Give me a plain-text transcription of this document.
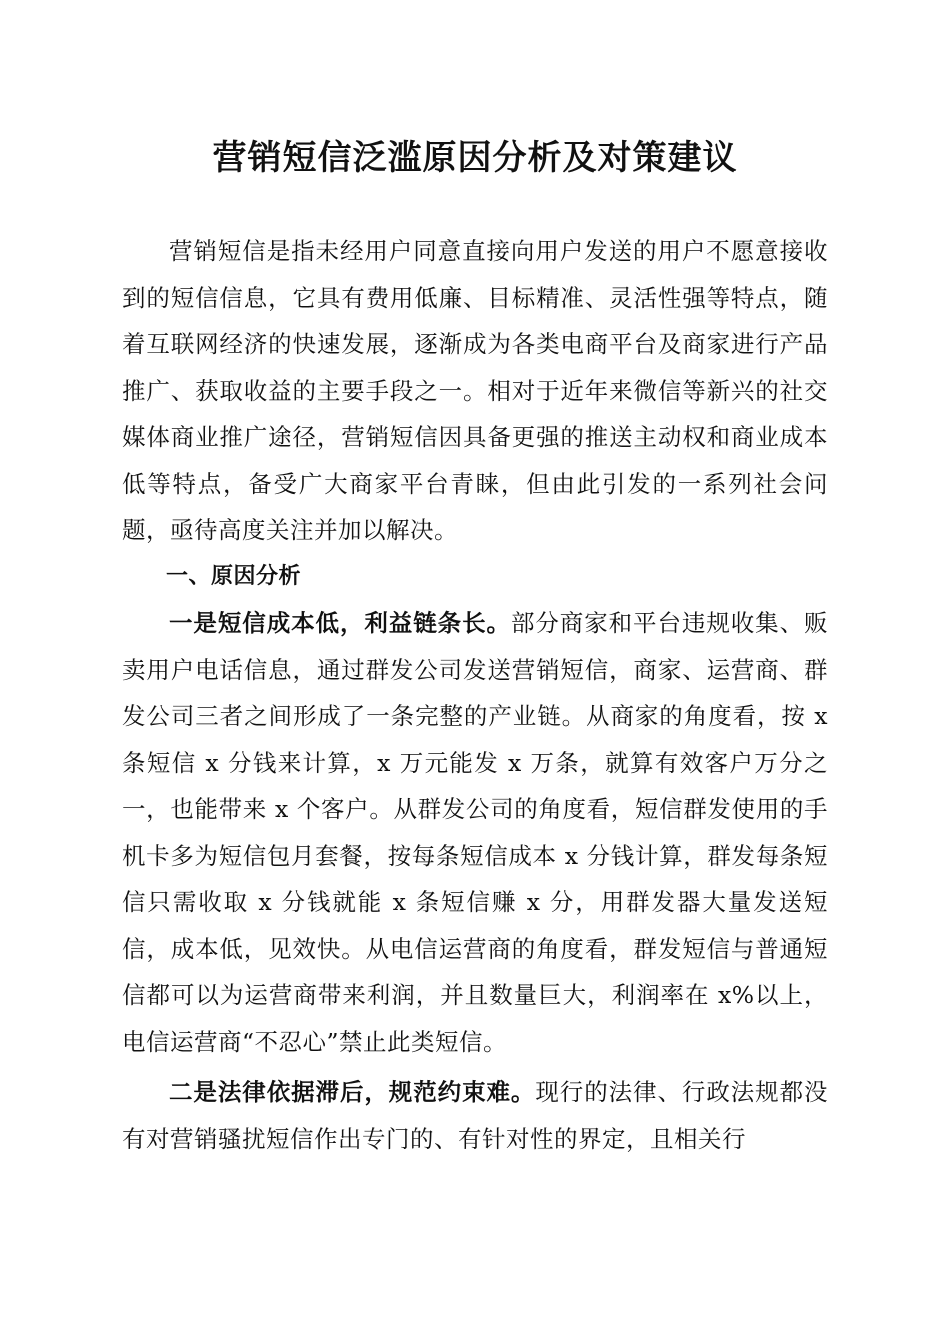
营销短信泛滥原因分析及对策建议

营销短信是指未经用户同意直接向用户发送的用户不愿意接收到的短信信息，它具有费用低廉、目标精准、灵活性强等特点，随着互联网经济的快速发展，逐渐成为各类电商平台及商家进行产品推广、获取收益的主要手段之一。相对于近年来微信等新兴的社交媒体商业推广途径，营销短信因具备更强的推送主动权和商业成本低等特点，备受广大商家平台青睐，但由此引发的一系列社会问题，亟待高度关注并加以解决。

一、原因分析

一是短信成本低，利益链条长。部分商家和平台违规收集、贩卖用户电话信息，通过群发公司发送营销短信，商家、运营商、群发公司三者之间形成了一条完整的产业链。从商家的角度看，按 x 条短信 x 分钱来计算，x 万元能发 x 万条，就算有效客户万分之一，也能带来 x 个客户。从群发公司的角度看，短信群发使用的手机卡多为短信包月套餐，按每条短信成本 x 分钱计算，群发每条短信只需收取 x 分钱就能 x 条短信赚 x 分，用群发器大量发送短信，成本低，见效快。从电信运营商的角度看，群发短信与普通短信都可以为运营商带来利润，并且数量巨大，利润率在 x%以上，电信运营商“不忍心”禁止此类短信。

二是法律依据滞后，规范约束难。现行的法律、行政法规都没有对营销骚扰短信作出专门的、有针对性的界定，且相关行
